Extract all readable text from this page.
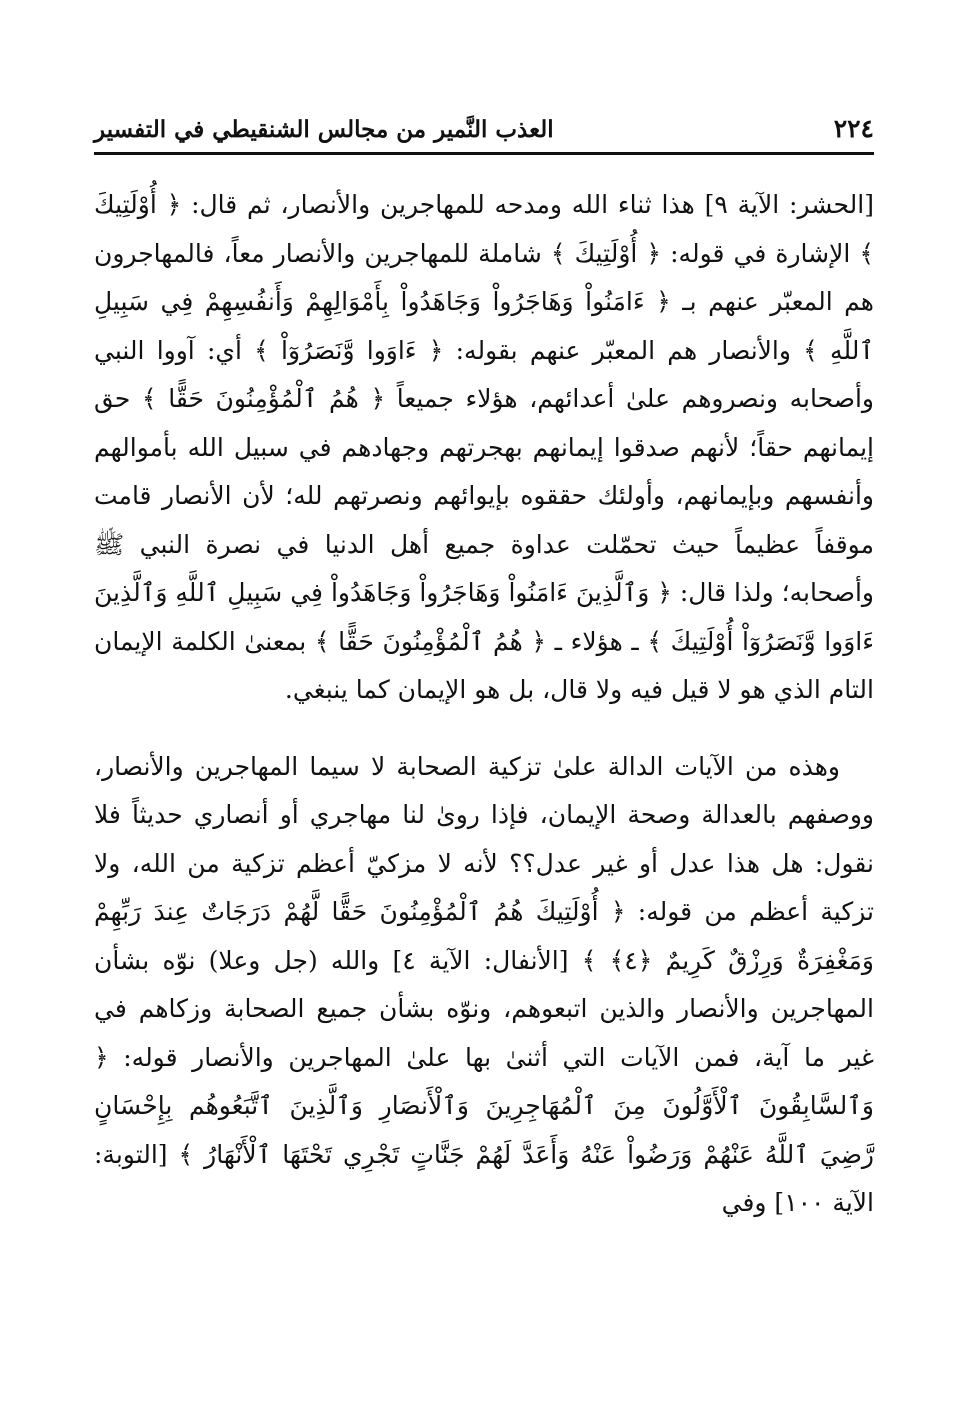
٢٢٤
العذب النَّمير من مجالس الشنقيطي في التفسير

[الحشر: الآية ٩] هذا ثناء الله ومدحه للمهاجرين والأنصار، ثم قال: ﴿ أُوْلَتِيكَ ﴾ الإشارة في قوله: ﴿ أُوْلَتِيكَ ﴾ شاملة للمهاجرين والأنصار معاً، فالمهاجرون هم المعبّر عنهم بـ ﴿ ءَامَنُواْ وَهَاجَرُواْ وَجَاهَدُواْ بِأَمْوَالِهِمْ وَأَنفُسِهِمْ فِي سَبِيلِ ٱللَّهِ ﴾ والأنصار هم المعبّر عنهم بقوله: ﴿ ءَاوَوا وَّنَصَرُوٓاْ ﴾ أي: آووا النبي وأصحابه ونصروهم علىٰ أعدائهم، هؤلاء جميعاً ﴿ هُمُ ٱلْمُؤْمِنُونَ حَقًّا ﴾ حق إيمانهم حقاً؛ لأنهم صدقوا إيمانهم بهجرتهم وجهادهم في سبيل الله بأموالهم وأنفسهم وبإيمانهم، وأولئك حققوه بإيوائهم ونصرتهم لله؛ لأن الأنصار قامت موقفاً عظيماً حيث تحمّلت عداوة جميع أهل الدنيا في نصرة النبي ﷺ وأصحابه؛ ولذا قال: ﴿ وَٱلَّذِينَ ءَامَنُواْ وَهَاجَرُواْ وَجَاهَدُواْ فِي سَبِيلِ ٱللَّهِ وَٱلَّذِينَ ءَاوَوا وَّنَصَرُوٓاْ أُوْلَتِيكَ ﴾ ـ هؤلاء ـ ﴿ هُمُ ٱلْمُؤْمِنُونَ حَقًّا ﴾ بمعنىٰ الكلمة الإيمان التام الذي هو لا قيل فيه ولا قال، بل هو الإيمان كما ينبغي.

وهذه من الآيات الدالة علىٰ تزكية الصحابة لا سيما المهاجرين والأنصار، ووصفهم بالعدالة وصحة الإيمان، فإذا روىٰ لنا مهاجري أو أنصاري حديثاً فلا نقول: هل هذا عدل أو غير عدل؟؟ لأنه لا مزكيّ أعظم تزكية من الله، ولا تزكية أعظم من قوله: ﴿ أُوْلَتِيكَ هُمُ ٱلْمُؤْمِنُونَ حَقًّا لَّهُمْ دَرَجَاتٌ عِندَ رَبِّهِمْ وَمَغْفِرَةٌ وَرِزْقٌ كَرِيمٌ ﴿٤﴾ ﴾ [الأنفال: الآية ٤] والله (جل وعلا) نوّه بشأن المهاجرين والأنصار والذين اتبعوهم، ونوّه بشأن جميع الصحابة وزكاهم في غير ما آية، فمن الآيات التي أثنىٰ بها علىٰ المهاجرين والأنصار قوله: ﴿ وَٱلسَّابِقُونَ ٱلْأَوَّلُونَ مِنَ ٱلْمُهَاجِرِينَ وَٱلْأَنصَارِ وَٱلَّذِينَ ٱتَّبَعُوهُم بِإِحْسَانٍ رَّضِيَ ٱللَّهُ عَنْهُمْ وَرَضُواْ عَنْهُ وَأَعَدَّ لَهُمْ جَنَّاتٍ تَجْرِي تَحْتَهَا ٱلْأَنْهَارُ ﴾ [التوبة: الآية ١٠٠] وفي
